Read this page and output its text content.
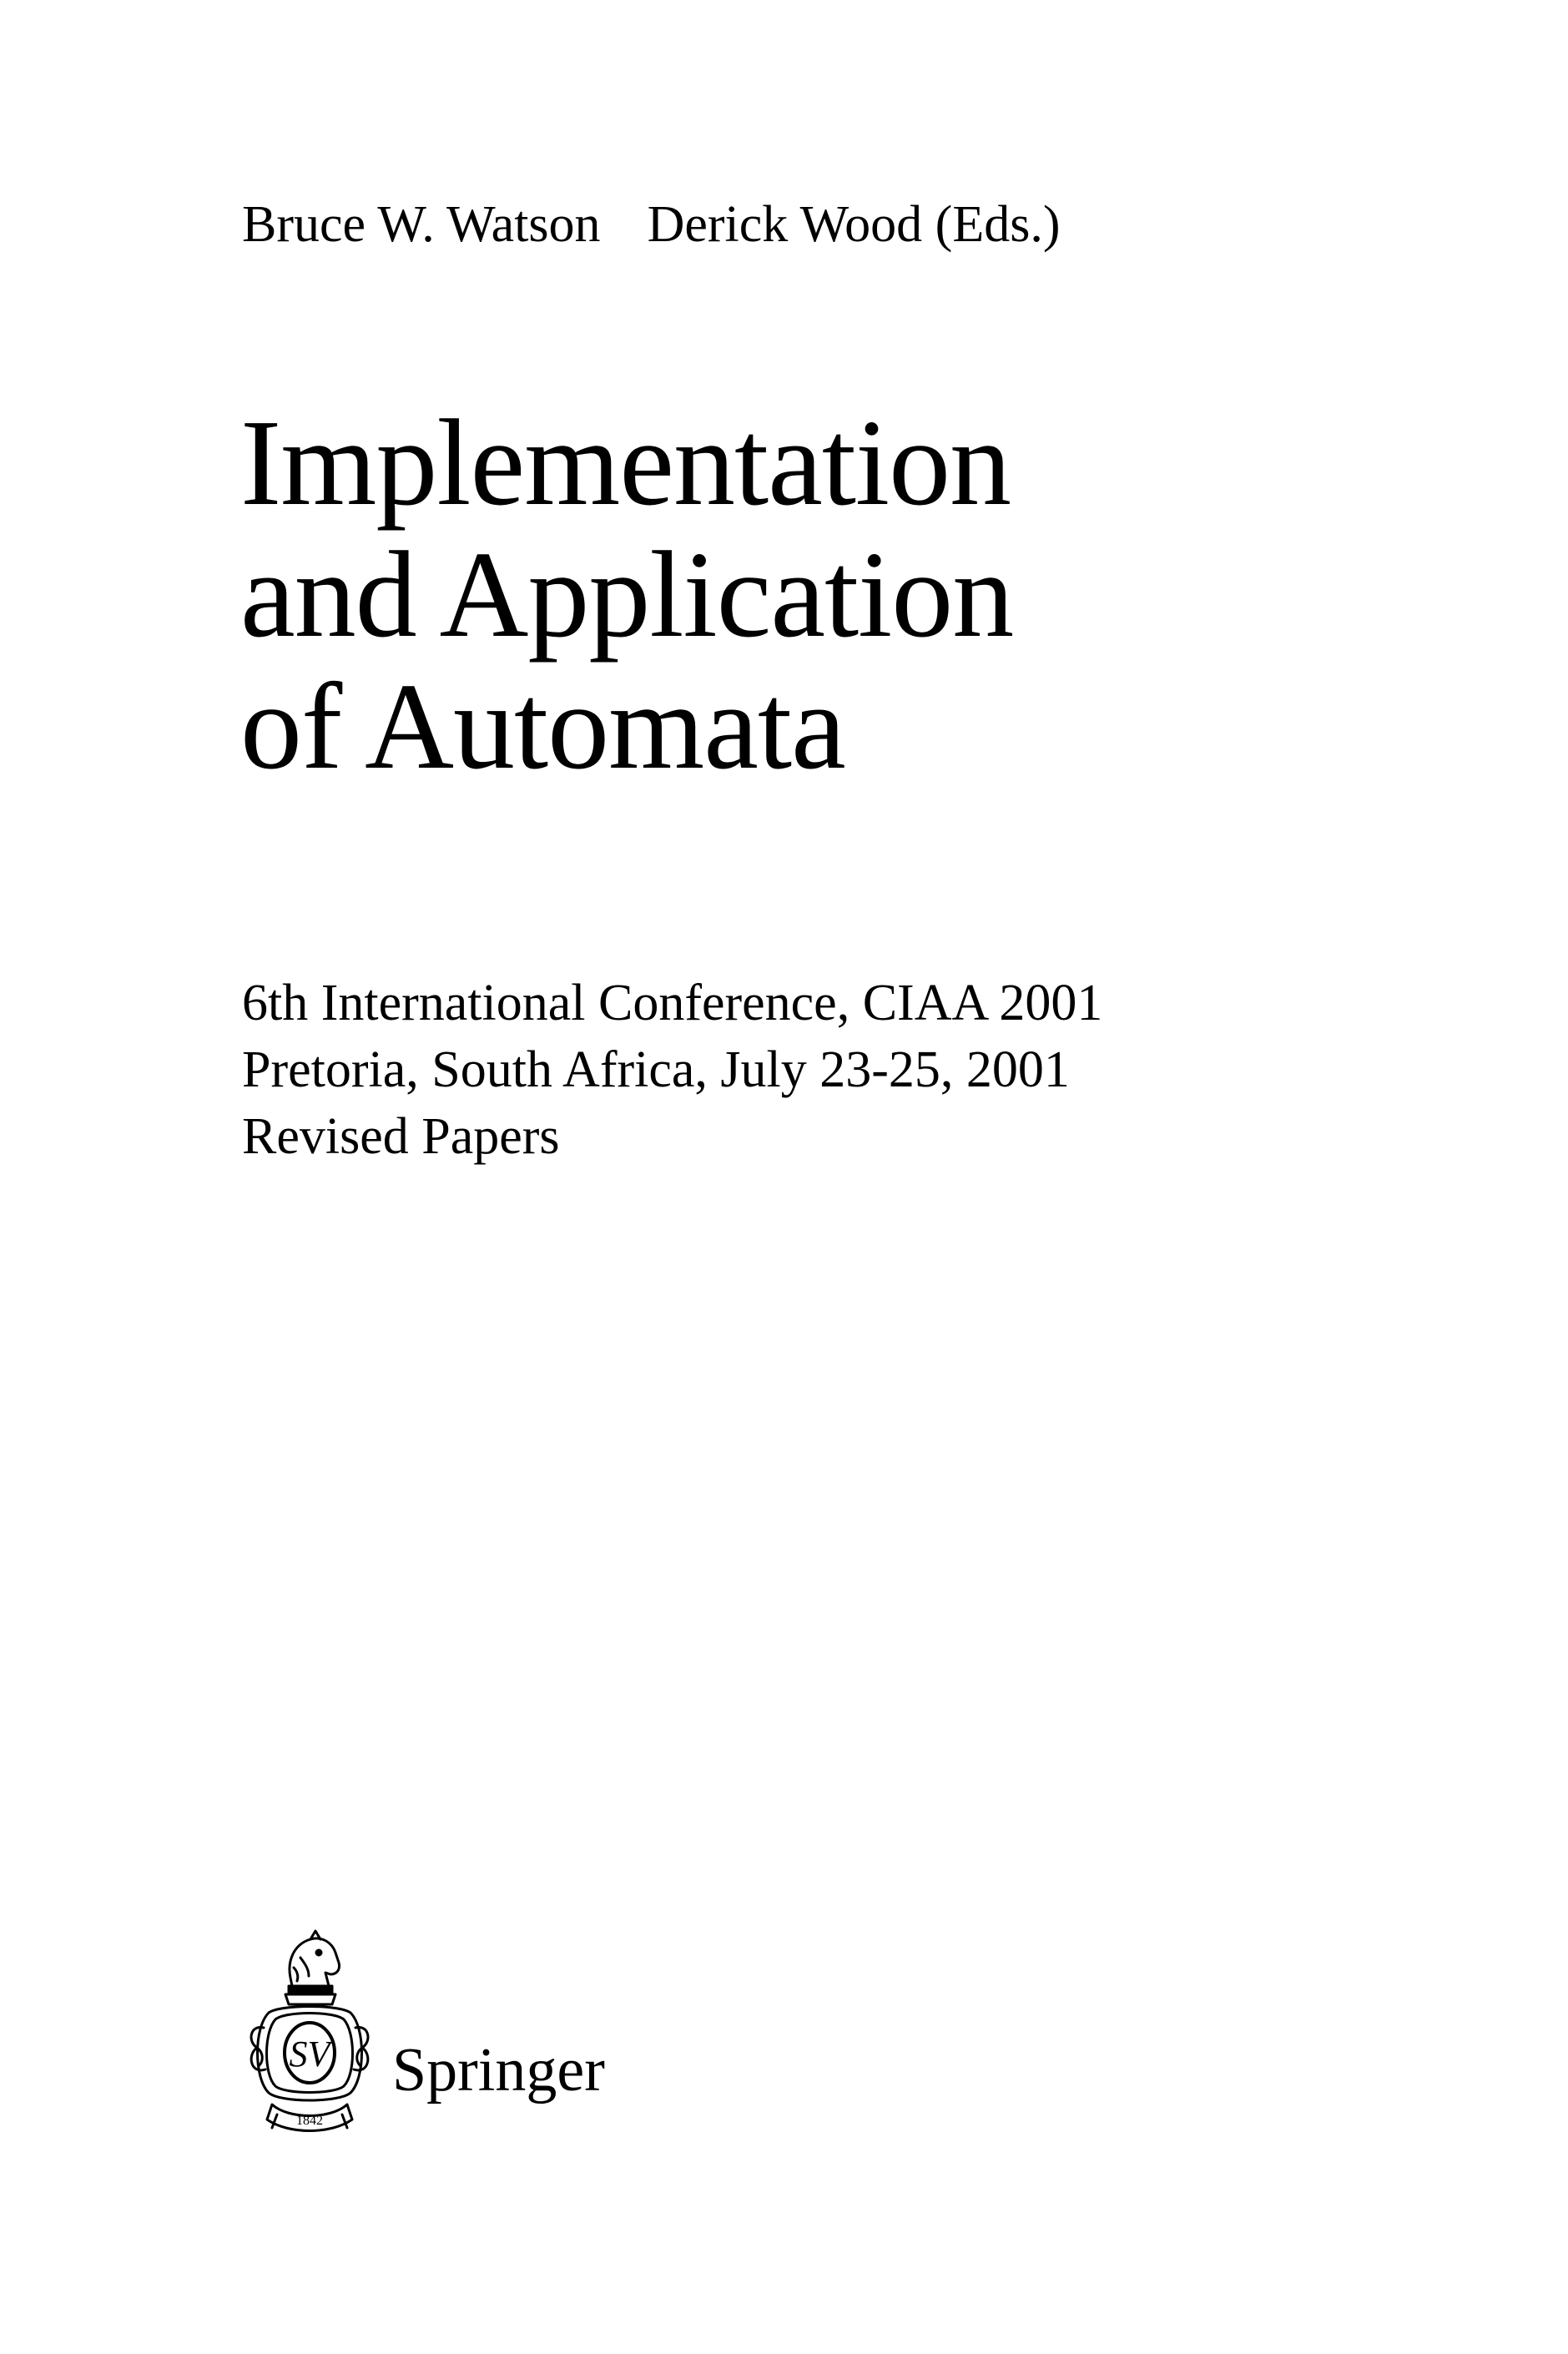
Bruce W. Watson Derick Wood (Eds.)
Implementation
and Application
of Automata
6th International Conference, CIAA 2001
Pretoria, South Africa, July 23-25, 2001
Revised Papers
SV
1842
Springer
